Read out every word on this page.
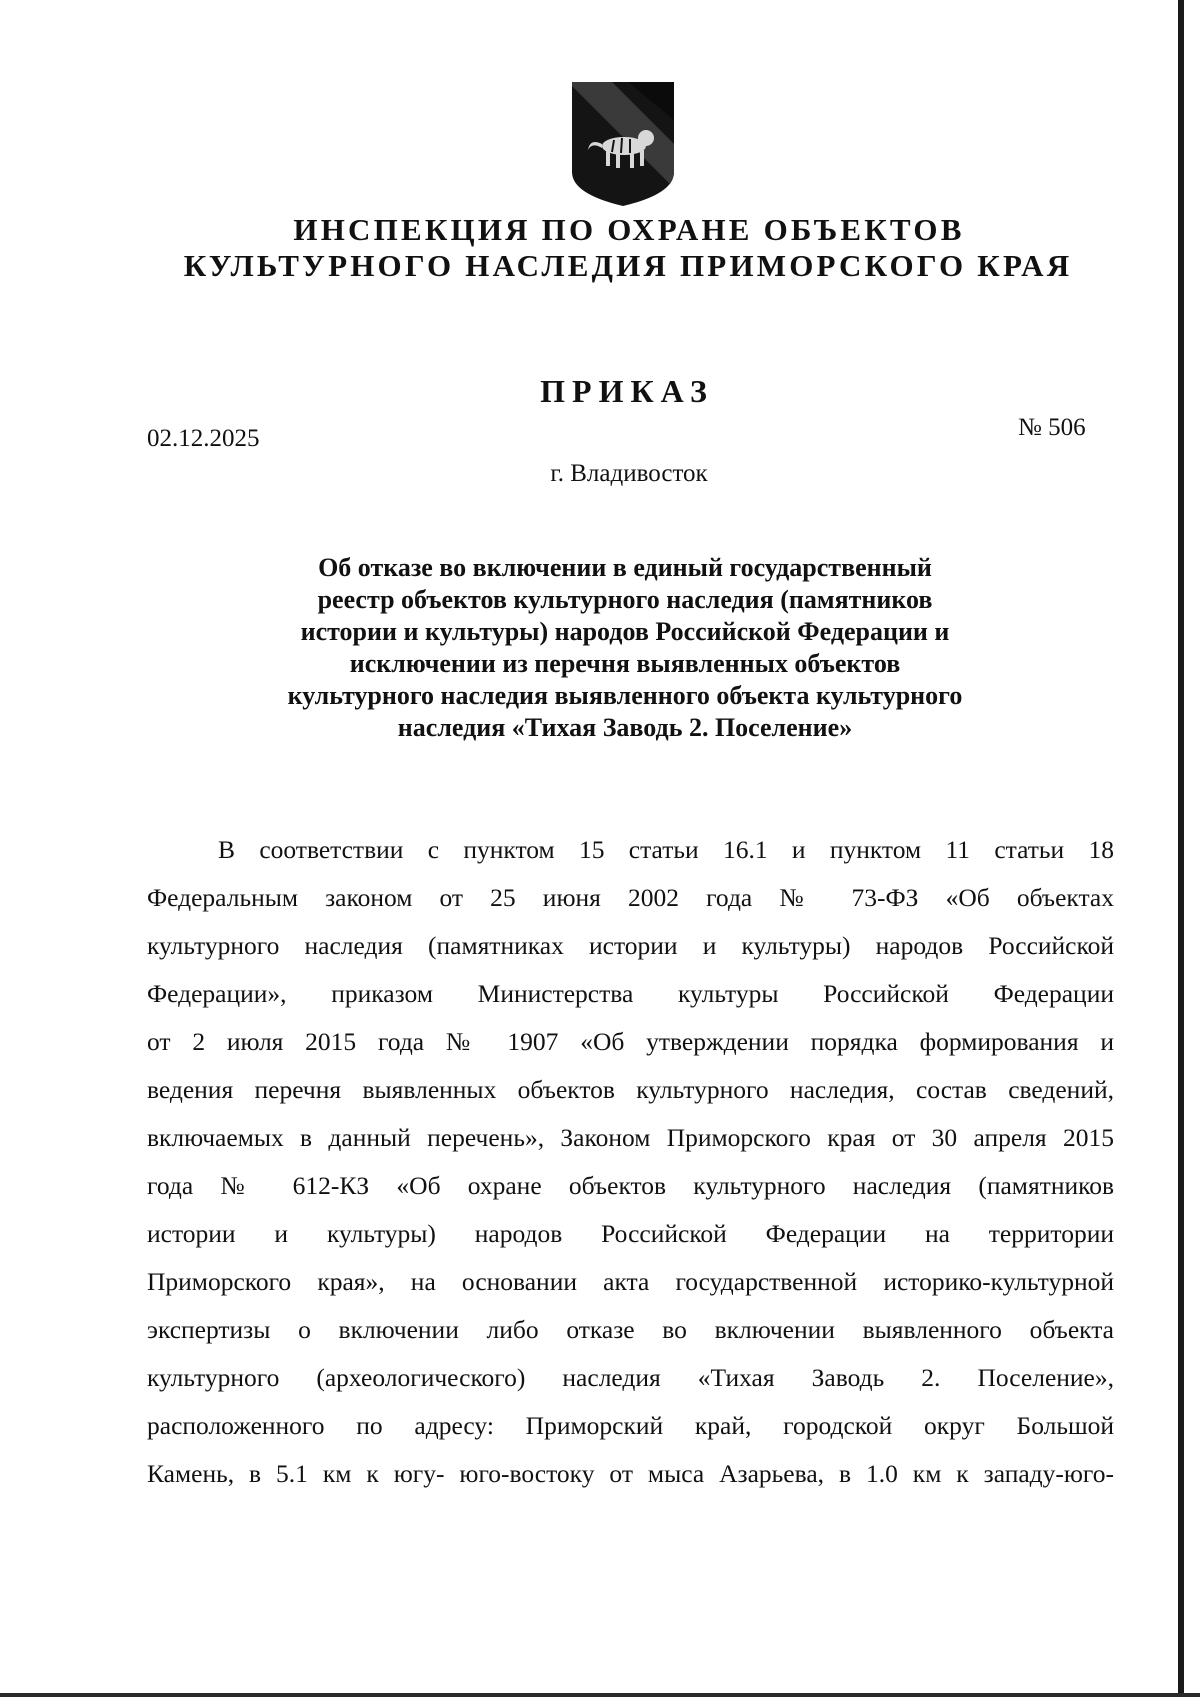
ИНСПЕКЦИЯ ПО ОХРАНЕ ОБЪЕКТОВ
КУЛЬТУРНОГО НАСЛЕДИЯ ПРИМОРСКОГО КРАЯ
ПРИКАЗ
02.12.2025	№ 506
г. Владивосток
Об отказе во включении в единый государственный
реестр объектов культурного наследия (памятников
истории и культуры) народов Российской Федерации и
исключении из перечня выявленных объектов
культурного наследия выявленного объекта культурного
наследия «Тихая Заводь 2. Поселение»
В соответствии с пунктом 15 статьи 16.1 и пунктом 11 статьи 18
Федеральным законом от 25 июня 2002 года № 73-ФЗ «Об объектах
культурного наследия (памятниках истории и культуры) народов Российской
Федерации», приказом Министерства культуры Российской Федерации
от 2 июля 2015 года № 1907 «Об утверждении порядка формирования и
ведения перечня выявленных объектов культурного наследия, состав сведений,
включаемых в данный перечень», Законом Приморского края от 30 апреля 2015
года № 612-КЗ «Об охране объектов культурного наследия (памятников
истории и культуры) народов Российской Федерации на территории
Приморского края», на основании акта государственной историко-культурной
экспертизы о включении либо отказе во включении выявленного объекта
культурного (археологического) наследия «Тихая Заводь 2. Поселение»,
расположенного по адресу: Приморский край, городской округ Большой
Камень, в 5.1 км к югу- юго-востоку от мыса Азарьева, в 1.0 км к западу-юго-
